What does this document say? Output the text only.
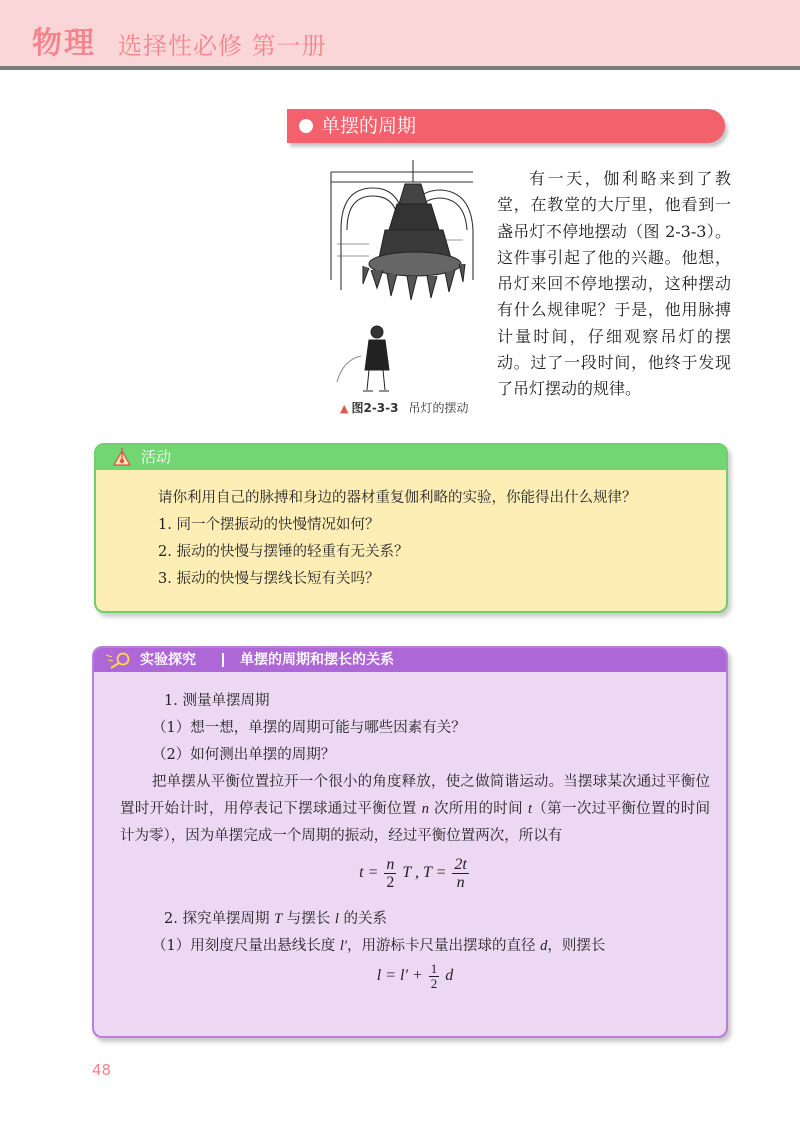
物理 选择性必修 第一册
单摆的周期
▲ 图2-3-3 吊灯的摆动

有一天，伽利略来到了教堂，在教堂的大厅里，他看到一盏吊灯不停地摆动（图 2-3-3）。这件事引起了他的兴趣。他想，吊灯来回不停地摆动，这种摆动有什么规律呢？于是，他用脉搏计量时间，仔细观察吊灯的摆动。过了一段时间，他终于发现了吊灯摆动的规律。

活动
请你利用自己的脉搏和身边的器材重复伽利略的实验，你能得出什么规律？
1. 同一个摆振动的快慢情况如何？
2. 振动的快慢与摆锤的轻重有无关系？
3. 振动的快慢与摆线长短有关吗？
实验探究	单摆的周期和摆长的关系
1. 测量单摆周期
（1）想一想，单摆的周期可能与哪些因素有关？
（2）如何测出单摆的周期？
把单摆从平衡位置拉开一个很小的角度释放，使之做简谐运动。当摆球某次通过平衡位置时开始计时，用停表记下摆球通过平衡位置 n 次所用的时间 t（第一次过平衡位置的时间计为零），因为单摆完成一个周期的振动，经过平衡位置两次，所以有
$t = \frac{n}{2}$ T , $T = \frac{2t}{n}$
2. 探究单摆周期 T 与摆长 l 的关系
（1）用刻度尺量出悬线长度 l′，用游标卡尺量出摆球的直径 d，则摆长
$l = l' + \frac{1}{2}$ d
48
